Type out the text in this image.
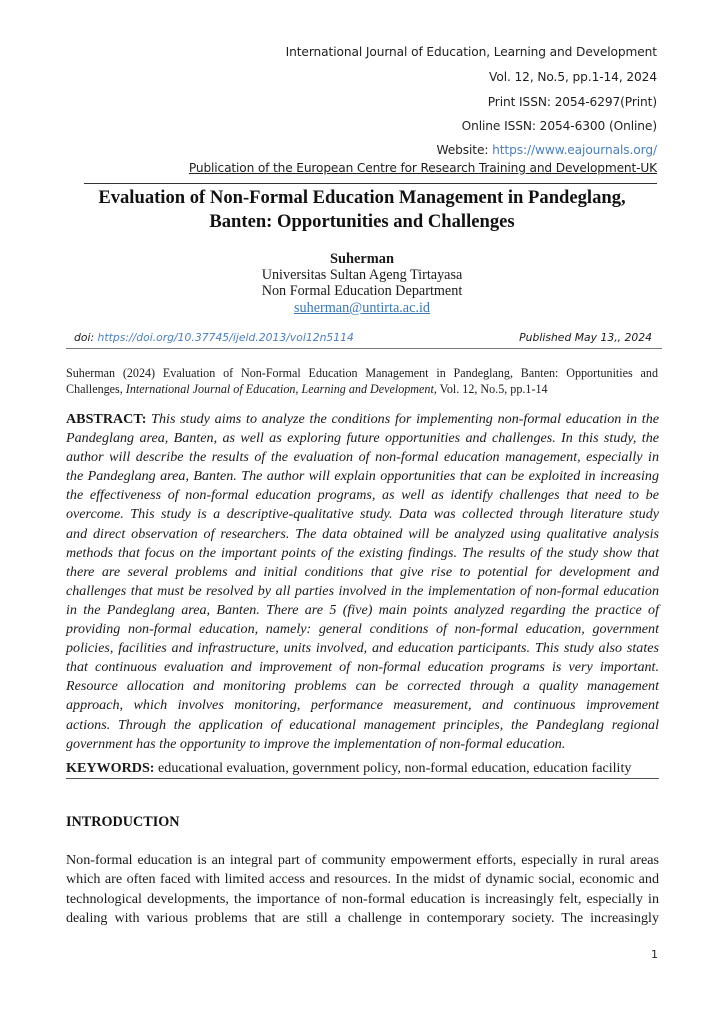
International Journal of Education, Learning and Development
Vol. 12, No.5, pp.1-14, 2024
Print ISSN: 2054-6297(Print)
Online ISSN: 2054-6300 (Online)
Website: https://www.eajournals.org/
Publication of the European Centre for Research Training and Development-UK
Evaluation of Non-Formal Education Management in Pandeglang,
Banten: Opportunities and Challenges
Suherman
Universitas Sultan Ageng Tirtayasa
Non Formal Education Department
suherman@untirta.ac.id
doi: https://doi.org/10.37745/ijeld.2013/vol12n5114	Published May 13,, 2024
Suherman (2024) Evaluation of Non-Formal Education Management in Pandeglang, Banten: Opportunities and
Challenges, International Journal of Education, Learning and Development, Vol. 12, No.5, pp.1-14
ABSTRACT: This study aims to analyze the conditions for implementing non-formal education in the
Pandeglang area, Banten, as well as exploring future opportunities and challenges. In this study, the
author will describe the results of the evaluation of non-formal education management, especially in
the Pandeglang area, Banten. The author will explain opportunities that can be exploited in increasing
the effectiveness of non-formal education programs, as well as identify challenges that need to be
overcome. This study is a descriptive-qualitative study. Data was collected through literature study
and direct observation of researchers. The data obtained will be analyzed using qualitative analysis
methods that focus on the important points of the existing findings. The results of the study show that
there are several problems and initial conditions that give rise to potential for development and
challenges that must be resolved by all parties involved in the implementation of non-formal education
in the Pandeglang area, Banten. There are 5 (five) main points analyzed regarding the practice of
providing non-formal education, namely: general conditions of non-formal education, government
policies, facilities and infrastructure, units involved, and education participants. This study also states
that continuous evaluation and improvement of non-formal education programs is very important.
Resource allocation and monitoring problems can be corrected through a quality management
approach, which involves monitoring, performance measurement, and continuous improvement
actions. Through the application of educational management principles, the Pandeglang regional
government has the opportunity to improve the implementation of non-formal education.
KEYWORDS: educational evaluation, government policy, non-formal education, education facility
INTRODUCTION
Non-formal education is an integral part of community empowerment efforts, especially in rural areas
which are often faced with limited access and resources. In the midst of dynamic social, economic and
technological developments, the importance of non-formal education is increasingly felt, especially in
dealing with various problems that are still a challenge in contemporary society. The increasingly
1
